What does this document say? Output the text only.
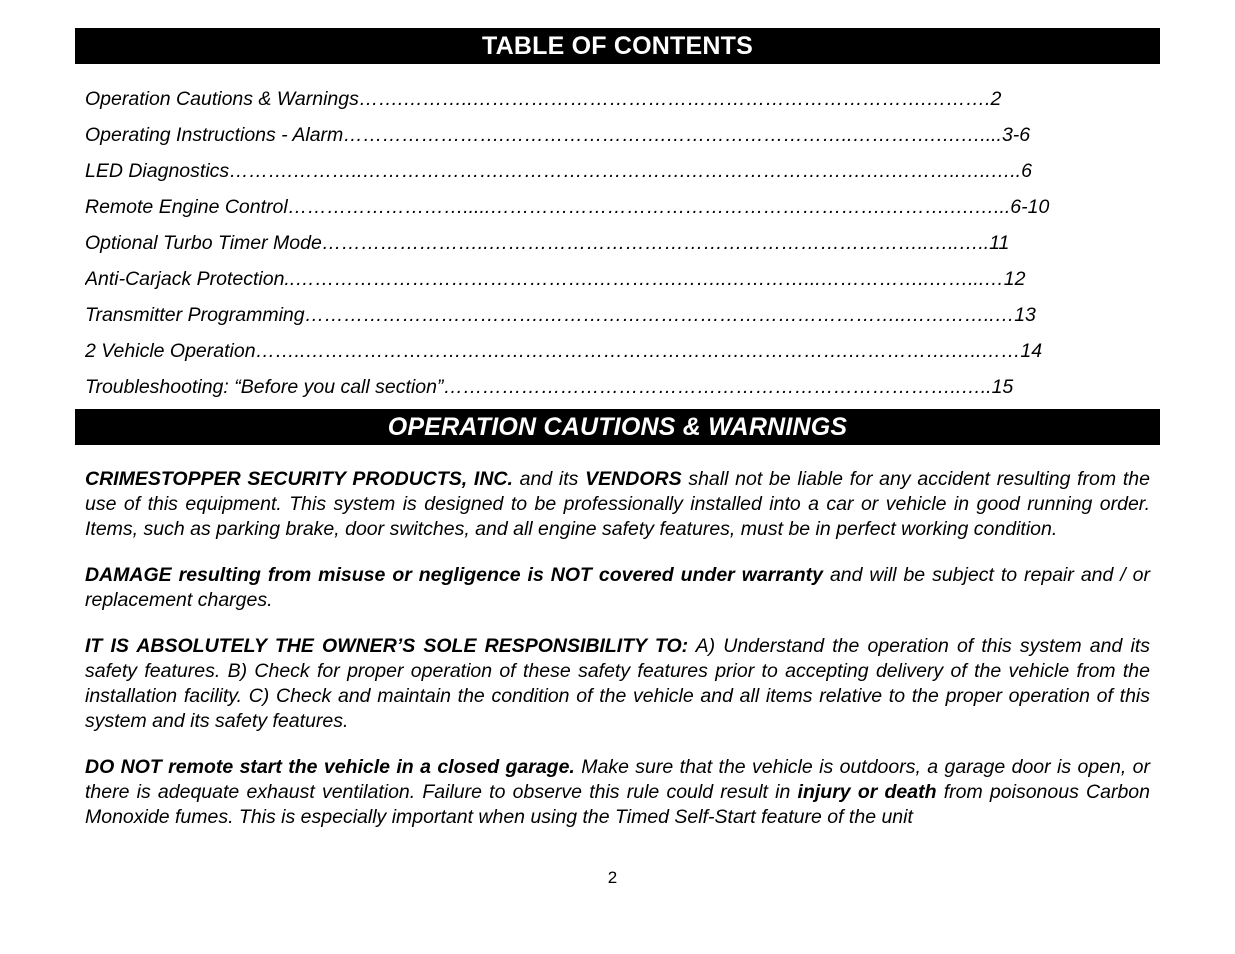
TABLE OF CONTENTS
Operation Cautions & Warnings…….………..…………………………………………………………….……….2
Operating Instructions - Alarm…………………….…………………….………………………..………….….…....3-6
LED Diagnostics……….………..………………….……………………….……………………….….………..…..…..6
Remote Engine Control……………………….....…………………………………………………….……….….…...6-10
Optional Turbo Timer Mode……………………..…………………………………………………………..…..…..11
Anti-Carjack Protection..……………………………………….………….……..…………...……………..……...…12
Transmitter Programming……………………………….………………………………………………..…………..…13
2 Vehicle Operation……..………………………….……………………………….…………….…………….…..……14
Troubleshooting: “Before you call section”……………………………………………………………………..…..15
OPERATION CAUTIONS & WARNINGS

CRIMESTOPPER SECURITY PRODUCTS, INC. and its VENDORS shall not be liable for any accident resulting from the use of this equipment. This system is designed to be professionally installed into a car or vehicle in good running order. Items, such as parking brake, door switches, and all engine safety features, must be in perfect working condition.

DAMAGE resulting from misuse or negligence is NOT covered under warranty and will be subject to repair and / or replacement charges.

IT IS ABSOLUTELY THE OWNER’S SOLE RESPONSIBILITY TO: A) Understand the operation of this system and its safety features. B) Check for proper operation of these safety features prior to accepting delivery of the vehicle from the installation facility. C) Check and maintain the condition of the vehicle and all items relative to the proper operation of this system and its safety features.

DO NOT remote start the vehicle in a closed garage. Make sure that the vehicle is outdoors, a garage door is open, or there is adequate exhaust ventilation. Failure to observe this rule could result in injury or death from poisonous Carbon Monoxide fumes. This is especially important when using the Timed Self-Start feature of the unit

2
